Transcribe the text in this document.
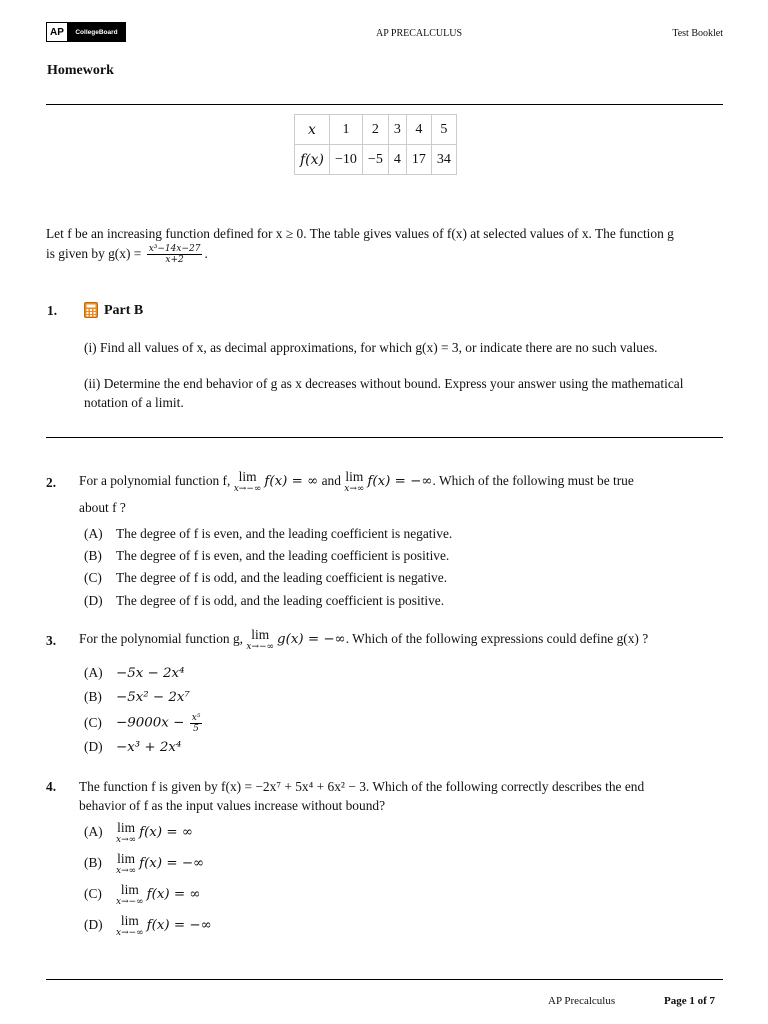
AP	CollegeBoard	AP PRECALCULUS	Test Booklet
Homework
x	1	2	3	4	5
f(x)	−10	−5	4	17	34
Let f be an increasing function defined for x ≥ 0. The table gives values of f(x) at selected values of x. The function g
is given by $g(x) = \frac{\text{x³−14x−27}}{x+2}$ .
1.	Part B
(i) Find all values of x, as decimal approximations, for which g(x) = 3, or indicate there are no such values.
(ii) Determine the end behavior of g as x decreases without bound. Express your answer using the mathematical
notation of a limit.
2. For a polynomial function f, lim
x→−∞ f(x) = ∞ and lim
x→∞ f(x) = −∞. Which of the following must be true
about f ?
(A) The degree of f is even, and the leading coefficient is negative.
(B) The degree of f is even, and the leading coefficient is positive.
(C) The degree of f is odd, and the leading coefficient is negative.
(D) The degree of f is odd, and the leading coefficient is positive.
3. For the polynomial function g, lim
x→−∞ g(x) = −∞. Which of the following expressions could define g(x) ?
(A) −5x − 2x⁴
(B) −5x² − 2x⁷
$(C) -9000x - \frac{\text{x⁵}}{5}$
(D) −x³ + 2x⁴
4. The function f is given by f(x) = −2x⁷ + 5x⁴ + 6x² − 3. Which of the following correctly describes the end
behavior of f as the input values increase without bound?
(A) lim
x→∞ f(x) = ∞
(B) lim
x→∞ f(x) = −∞
(C)	lim
x→−∞ f(x) = ∞
(D)	lim
x→−∞ f(x) = −∞
AP Precalculus	Page 1 of 7
